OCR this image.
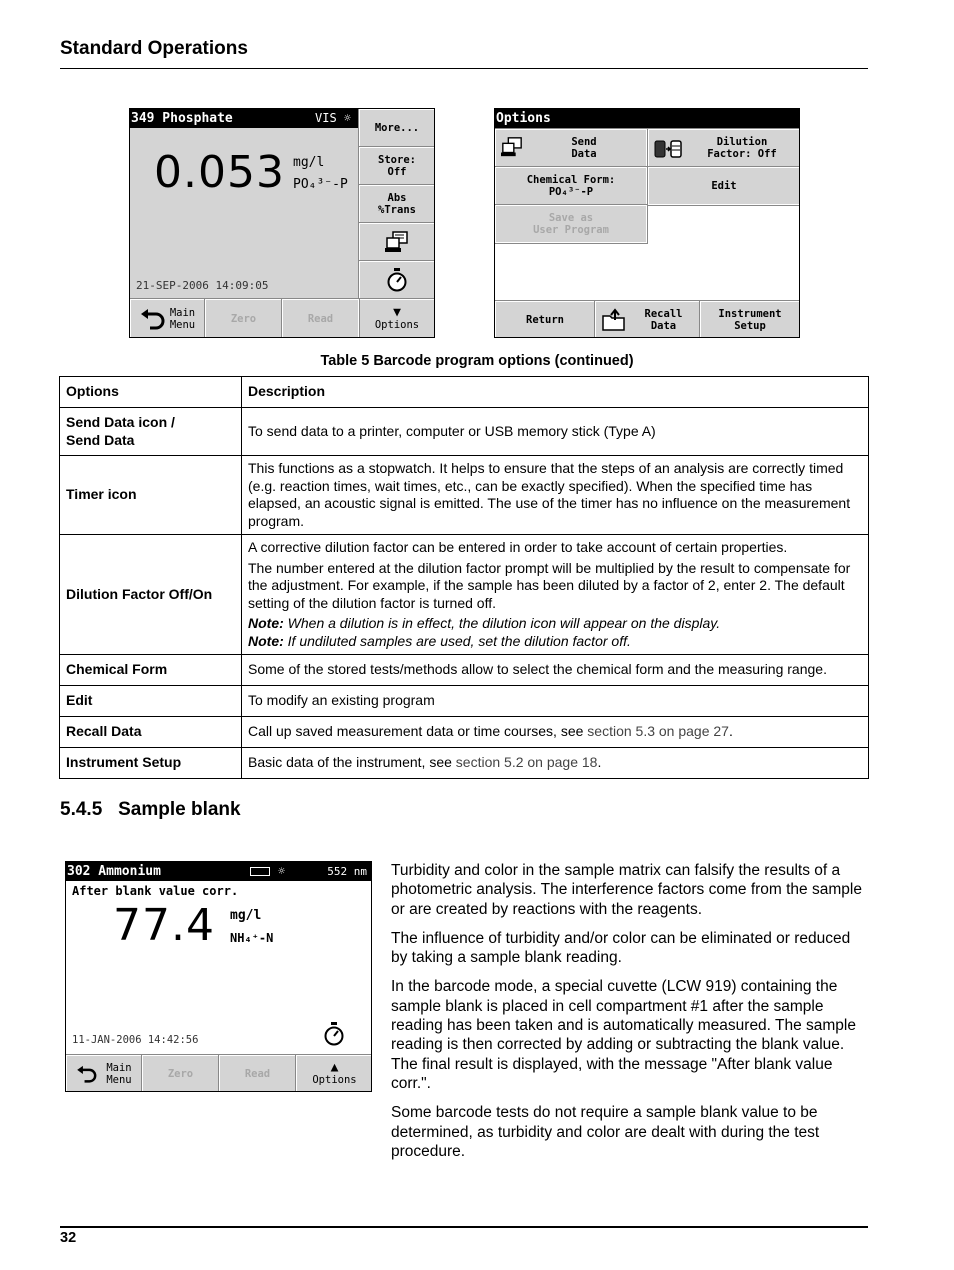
Standard Operations
349 Phosphate	VIS ☼
0.053 mg/l
PO₄³⁻-P
21-SEP-2006 14:09:05
More...
Store:
Off
Abs
%Trans
▼
Options
Main
Menu	Zero	Read
Options
Send
Data
Dilution
Factor: Off
Chemical Form:
PO₄³⁻-P	Edit
Save as
User Program
Return	Recall
Data
Instrument
Setup
Table 5 Barcode program options (continued)
Options	Description
Send Data icon /
Send Data	To send data to a printer, computer or USB memory stick (Type A)
Timer icon	This functions as a stopwatch. It helps to ensure that the steps of an analysis are correctly timed (e.g. reaction times, wait times, etc., can be exactly specified). When the specified time has elapsed, an acoustic signal is emitted. The use of the timer has no influence on the measurement program.
Dilution Factor Off/On	A corrective dilution factor can be entered in order to take account of certain properties.

The number entered at the dilution factor prompt will be multiplied by the result to compensate for the adjustment. For example, if the sample has been diluted by a factor of 2, enter 2. The default setting of the dilution factor is turned off.

Note: When a dilution is in effect, the dilution icon will appear on the display.
Note: If undiluted samples are used, set the dilution factor off.

Chemical Form	Some of the stored tests/methods allow to select the chemical form and the measuring range.
Edit	To modify an existing program
Recall Data	Call up saved measurement data or time courses, see section 5.3 on page 27.
Instrument Setup	Basic data of the instrument, see section 5.2 on page 18.
5.4.5   Sample blank
302 Ammonium	☼	552 nm
After blank value corr.
77.4 mg/l
NH₄⁺-N
11-JAN-2006 14:42:56
Main
Menu	Zero	Read	▲
Options

Turbidity and color in the sample matrix can falsify the results of a photometric analysis. The interference factors come from the sample or are created by reactions with the reagents.

The influence of turbidity and/or color can be eliminated or reduced by taking a sample blank reading.

In the barcode mode, a special cuvette (LCW 919) containing the sample blank is placed in cell compartment #1 after the sample reading has been taken and is automatically measured. The sample reading is then corrected by adding or subtracting the blank value. The final result is displayed, with the message "After blank value corr.".

Some barcode tests do not require a sample blank value to be determined, as turbidity and color are dealt with during the test procedure.

32
